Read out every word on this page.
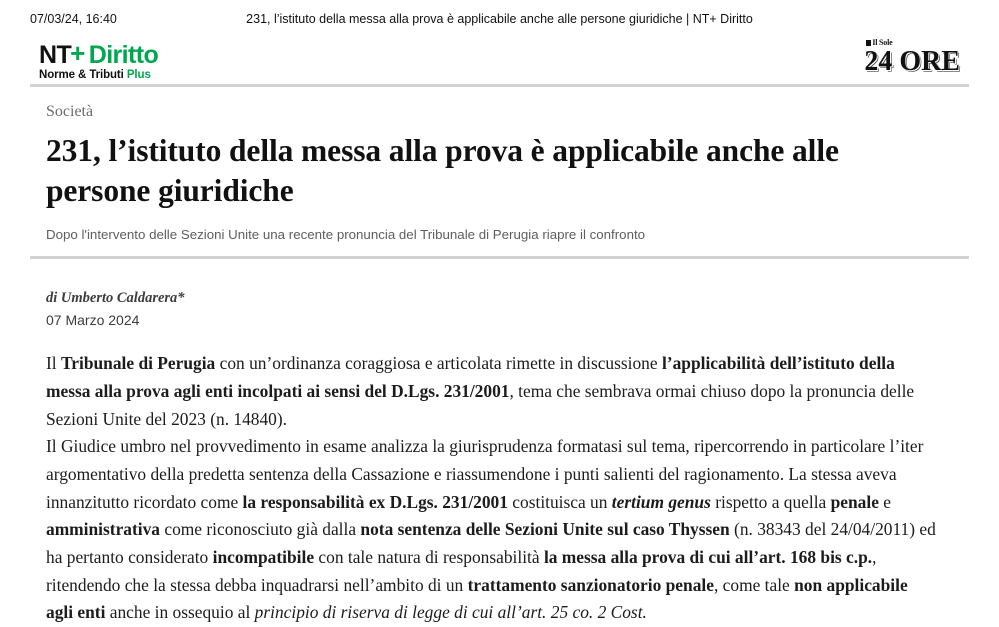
07/03/24, 16:40	231, l’istituto della messa alla prova è applicabile anche alle persone giuridiche | NT+ Diritto
NT+ Diritto
Norme & Tributi Plus
Il Sole
24 ORE
Società
231, l’istituto della messa alla prova è applicabile anche alle persone giuridiche
Dopo l'intervento delle Sezioni Unite una recente pronuncia del Tribunale di Perugia riapre il confronto
di Umberto Caldarera*
07 Marzo 2024
Il Tribunale di Perugia con un’ordinanza coraggiosa e articolata rimette in discussione l’applicabilità dell’istituto della messa alla prova agli enti incolpati ai sensi del D.Lgs. 231/2001, tema che sembrava ormai chiuso dopo la pronuncia delle Sezioni Unite del 2023 (n. 14840).
Il Giudice umbro nel provvedimento in esame analizza la giurisprudenza formatasi sul tema, ripercorrendo in particolare l’iter argomentativo della predetta sentenza della Cassazione e riassumendone i punti salienti del ragionamento. La stessa aveva innanzitutto ricordato come la responsabilità ex D.Lgs. 231/2001 costituisca un tertium genus rispetto a quella penale e amministrativa come riconosciuto già dalla nota sentenza delle Sezioni Unite sul caso Thyssen (n. 38343 del 24/04/2011) ed ha pertanto considerato incompatibile con tale natura di responsabilità la messa alla prova di cui all’art. 168 bis c.p., ritendendo che la stessa debba inquadrarsi nell’ambito di un trattamento sanzionatorio penale, come tale non applicabile agli enti anche in ossequio al principio di riserva di legge di cui all’art. 25 co. 2 Cost.
